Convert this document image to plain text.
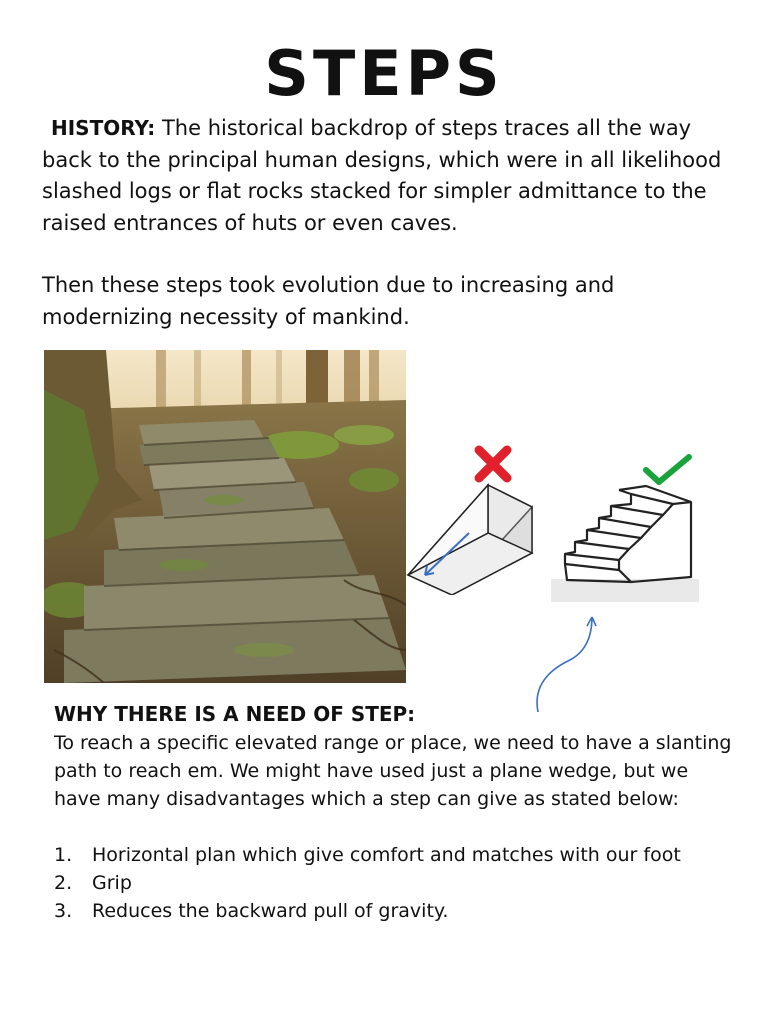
STEPS
HISTORY: The historical backdrop of steps traces all the way back to the principal human designs, which were in all likelihood slashed logs or flat rocks stacked for simpler admittance to the raised entrances of huts or even caves.
Then these steps took evolution due to increasing and modernizing necessity of mankind.
WHY THERE IS A NEED OF STEP:
To reach a specific elevated range or place, we need to have a slanting path to reach em. We might have used just a plane wedge, but we have many disadvantages which a step can give as stated below:
1.	Horizontal plan which give comfort and matches with our foot
2.	Grip
3.	Reduces the backward pull of gravity.
